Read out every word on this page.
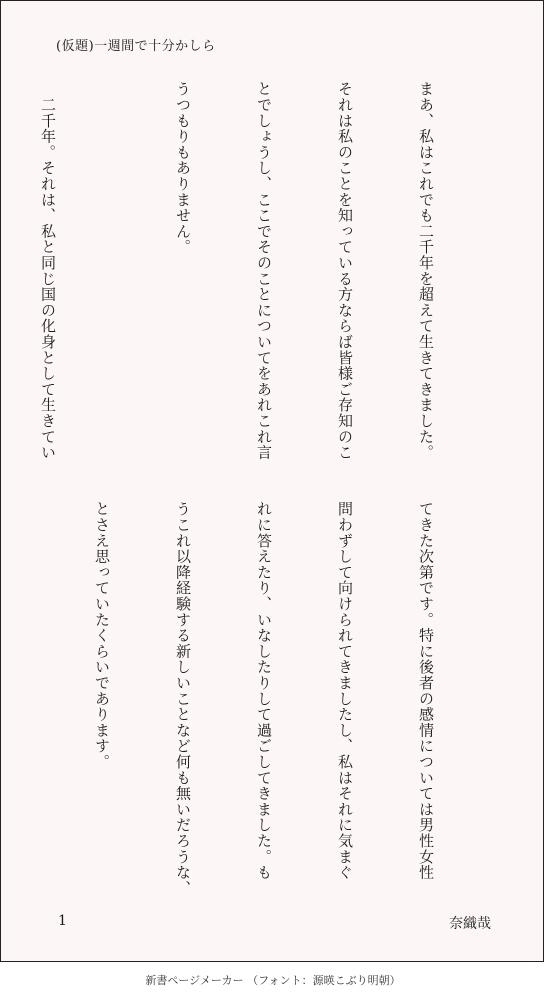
(仮題)一週間で十分かしら

まあ、私はこれでも二千年を超えて生きてきました。

それは私のことを知っている方ならば皆様ご存知のこ

とでしょうし、ここでそのことについてをあれこれ言

うつもりもありません。

　二千年。それは、私と同じ国の化身として生きてい

てきた次第です。特に後者の感情については男性女性

問わずして向けられてきましたし、私はそれに気まぐ

れに答えたり、いなしたりして過ごしてきました。も

うこれ以降経験する新しいことなど何も無いだろうな、

とさえ思っていたくらいであります。

1	奈織哉
新書ページメーカー （フォント：源暎こぶり明朝）
